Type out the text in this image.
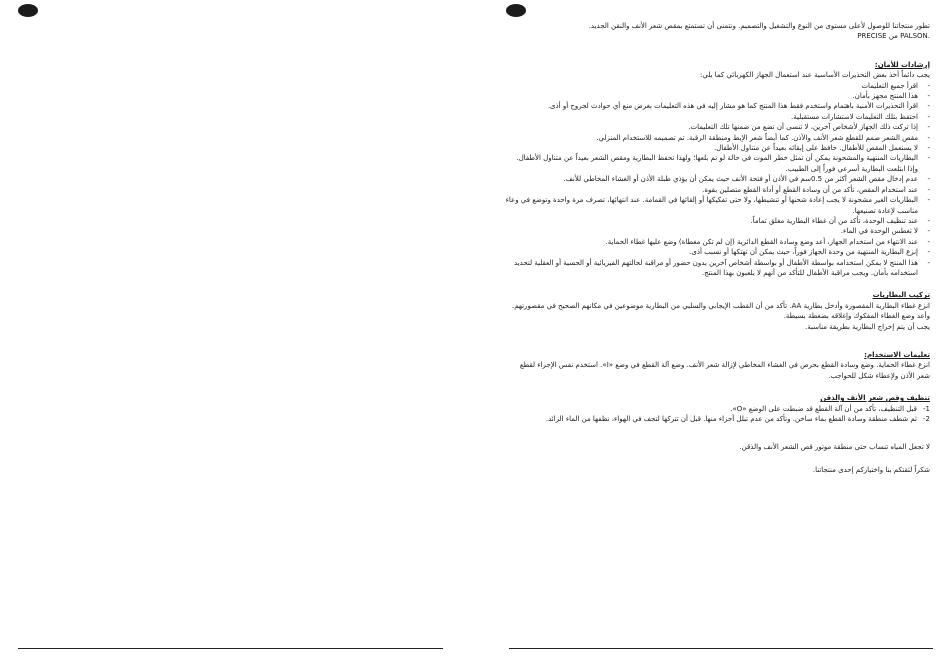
تطور منتجاتنا للوصول لأعلى مستوى من النوع والتشغيل والتصميم. ونتمنى أن تستمتع بمقص شعر الأنف والنقن الجديد.

PRECISE من PALSON.

إرشادات للأمان:

يجب دائماً أخذ بعض التحذيرات الأساسية عند استعمال الجهاز الكهربائي كما يلي:

- اقرأ جميع التعليمات
- هذا المنتج مجهز بأمان.
- اقرأ التحذيرات الأمنية باهتمام واستخدم فقط هذا المنتج كما هو مشار إليه في هذه التعليمات بغرض منع أي حوادث لجروح أو أذى.
- احتفظ بتلك التعليمات لاستشارات مستقبلية.
- إذا تركت ذلك الجهاز لأشخاص آخرين، لا تنسى أن تضع من ضمنها تلك التعليمات.
- مقص الشعر صمم للقطع شعر الأنف والأذن. كما أيضاً شعر الإبط ومنطقة الرقبة. تم تصميمه للاستخدام المنزلي.
- لا يستعمل المقص للأطفال. حافظ على إبقائه بعيداً عن متناول الأطفال.
- البطاريات المنتهية والمشحونة يمكن أن تمثل خطر الموت في حالة لو تم بلعها؛ ولهذا تحفظ البطارية ومقص الشعر بعيداً عن متناول الأطفال. وإذا ابتلعت البطارية أسرعي فوراً إلى الطبيب.
- عدم إدخال مقص الشعر أكثر من 0.5سم في الأذن أو فتحة الأنف حيث يمكن أن يؤذي طبلة الأذن أو الغشاء المخاطي للأنف.
- عند استخدام المقص، تأكد من أن وسادة القطع أو أداة القطع متصلين بقوة.
- البطاريات الغير مشحونة لا يجب إعادة شحنها أو تنشيطها، ولا حتى تفكيكها أو إلقائها في القمامة. عند انتهائها، تصرف مرة واحدة وتوضع في وعاء مناسب لإعادة تصنيعها.
- عند تنظيف الوحدة، تأكد من أن غطاء البطارية مغلق تماماً.
- لا تغطس الوحدة في الماء.
- عند الانتهاء من استخدام الجهاز، أعد وضع وسادة القطع الدائرية (إن لم تكن مغطاة) وضع عليها غطاء الحماية.
- إنزع البطارية المنتهية من وحدة الجهاز فوراً، حيث يمكن أن تهتكها أو تسبب أذى.
- هذا المنتج لا يمكن استخدامه بواسطة الأطفال أو بواسطة أشخاص آخرين بدون حضور أو مراقبة لحالتهم الفيزيائية أو الحسية أو العقلية لتحديد استخدامه بأمان. ويجب مراقبة الأطفال للتأكد من أنهم لا يلعبون بهذا المنتج.

تركيب البطاريات

انزع غطاء البطارية المقصورة وأدخل بطارية AA. تأكد من أن القطب الإيجابي والسلبي من البطارية موضوعين في مكانهم الصحيح في مقصورتهم.

وأعد وضع الغطاء المفكوك وإغلاقه بضغطة بسيطة.

يجب أن يتم إخراج البطارية بطريقة مناسبة.

تعليمات الاستخدام:

انزع غطاء الحماية. وضع وسادة القطع بحرص في الغشاء المخاطي لإزالة شعر الأنف. وضع آلة القطع في وضع «I». استخدم نفس الإجراء لقطع شعر الأذن ولإعطاء شكل للحواجب.

تنظيف وقص شعر الأنف والذقن

1-
قبل التنظيف، تأكد من أن آلة القطع قد ضبطت على الوضع «O».
2-
ثم شطف منطقة وسادة القطع بماء ساخن. وتأكد من عدم تبلل أجزاء منها. قبل أن تتركها لتجف في الهواء، نظفها من الماء الزائد.

لا تجعل المياه تنساب حتى منطقة موتور قص الشعر الأنف والذقن.

شكراً لثقتكم بنا واختياركم إحدى منتجاتنا.
